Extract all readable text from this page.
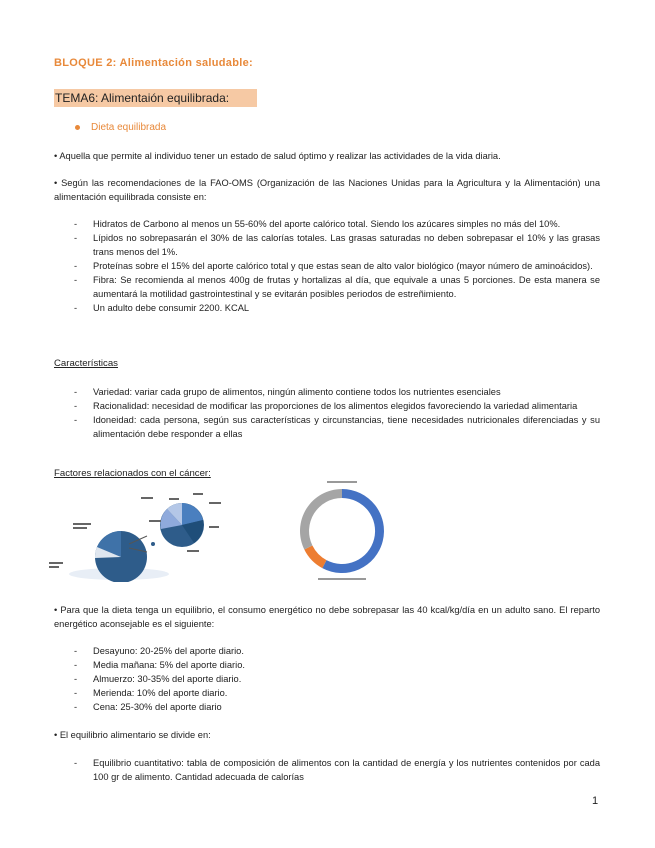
BLOQUE 2: Alimentación saludable:
TEMA6: Alimentaión equilibrada:
Dieta equilibrada
• Aquella que permite al individuo tener un estado de salud óptimo y realizar las actividades de la vida diaria.
• Según las recomendaciones de la FAO-OMS (Organización de las Naciones Unidas para la Agricultura y la Alimentación) una alimentación equilibrada consiste en:
- Hidratos de Carbono al menos un 55-60% del aporte calórico total. Siendo los azúcares simples no más del 10%.
- Lípidos no sobrepasarán el 30% de las calorías totales. Las grasas saturadas no deben sobrepasar el 10% y las grasas trans menos del 1%.
- Proteínas sobre el 15% del aporte calórico total y que estas sean de alto valor biológico (mayor número de aminoácidos).
- Fibra: Se recomienda al menos 400g de frutas y hortalizas al día, que equivale a unas 5 porciones. De esta manera se aumentará la motilidad gastrointestinal y se evitarán posibles periodos de estreñimiento.
- Un adulto debe consumir 2200. KCAL
Características
- Variedad: variar cada grupo de alimentos, ningún alimento contiene todos los nutrientes esenciales
- Racionalidad: necesidad de modificar las proporciones de los alimentos elegidos favoreciendo la variedad alimentaria
- Idoneidad: cada persona, según sus características y circunstancias, tiene necesidades nutricionales diferenciadas y su alimentación debe responder a ellas
Factores relacionados con el cáncer:
• Para que la dieta tenga un equilibrio, el consumo energético no debe sobrepasar las 40 kcal/kg/día en un adulto sano. El reparto energético aconsejable es el siguiente:
- Desayuno: 20-25% del aporte diario.
- Media mañana: 5% del aporte diario.
- Almuerzo: 30-35% del aporte diario.
- Merienda: 10% del aporte diario.
- Cena: 25-30% del aporte diario
• El equilibrio alimentario se divide en:
- Equilibrio cuantitativo: tabla de composición de alimentos con la cantidad de energía y los nutrientes contenidos por cada 100 gr de alimento. Cantidad adecuada de calorías
1
